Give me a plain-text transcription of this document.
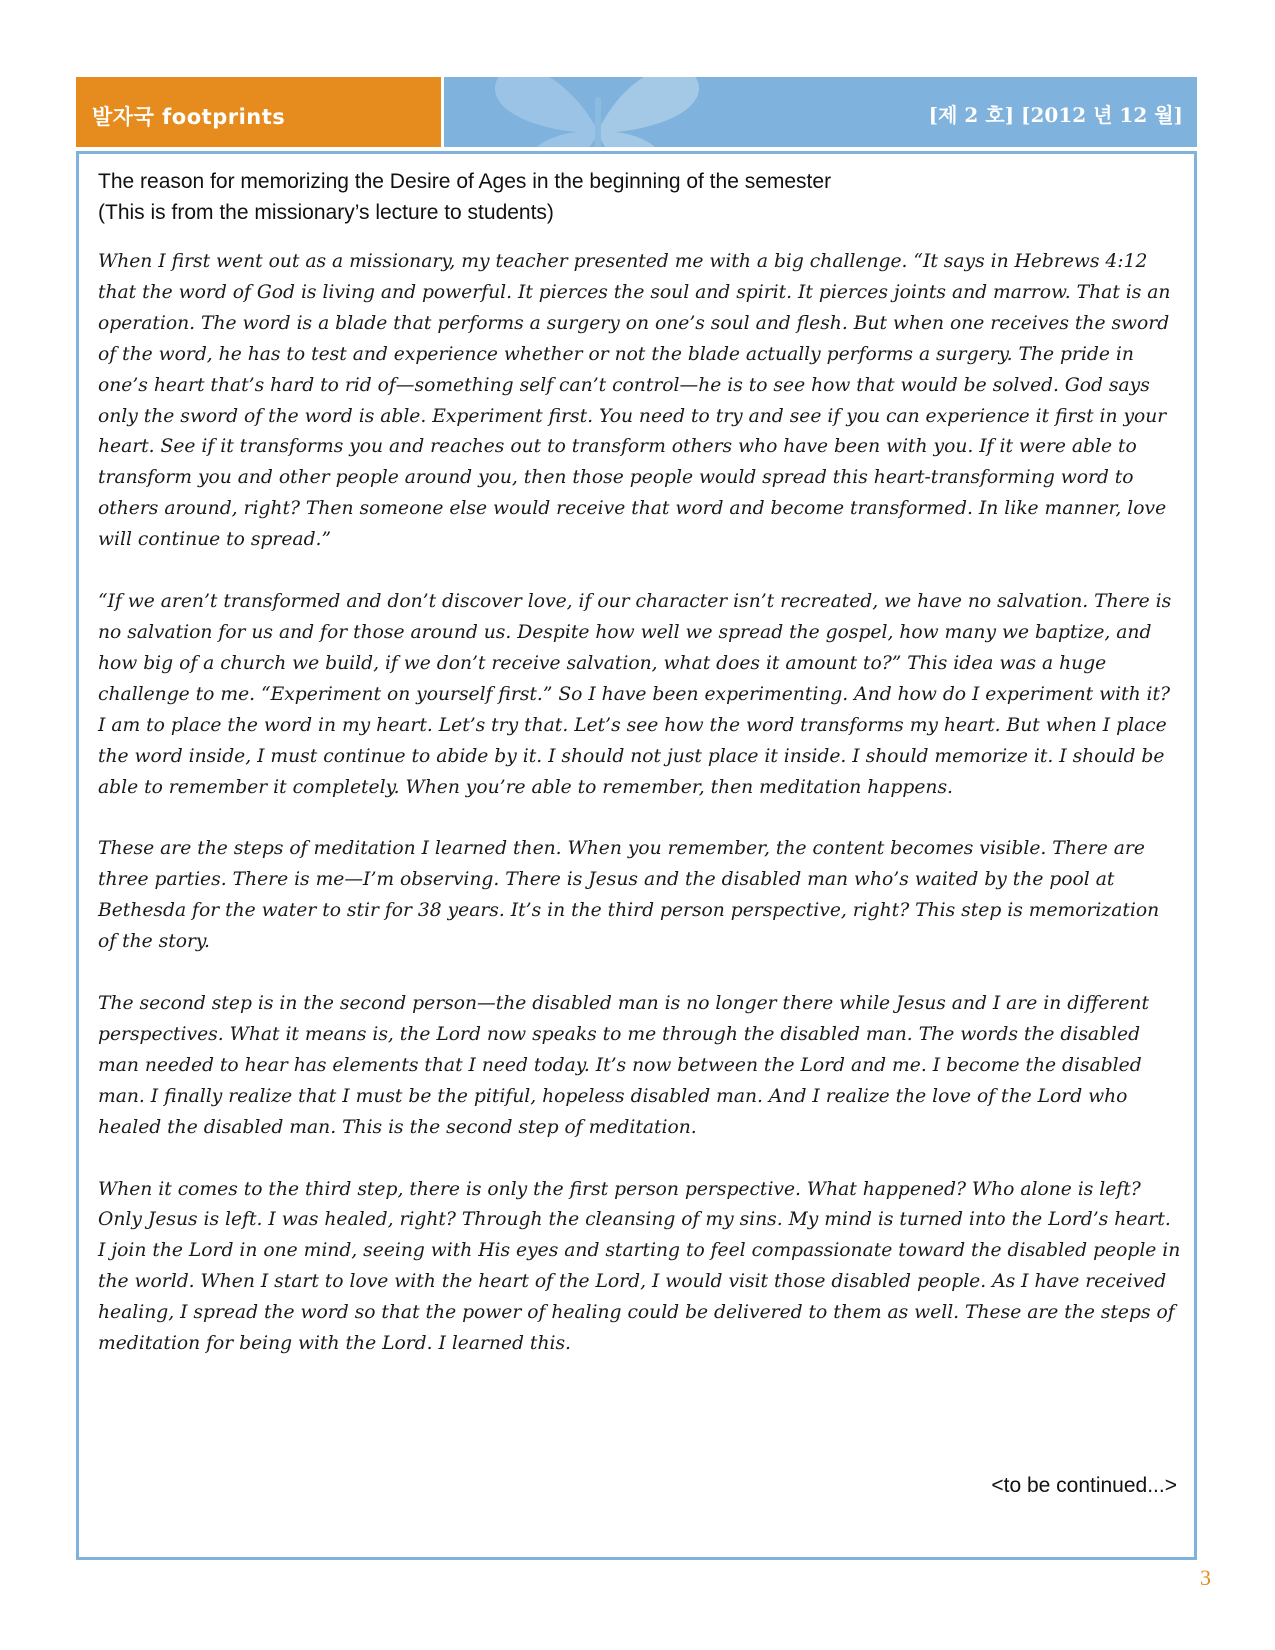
발자국 footprints	[제 2 호] [2012 년 12 월]
The reason for memorizing the Desire of Ages in the beginning of the semester
(This is from the missionary’s lecture to students)

When I first went out as a missionary, my teacher presented me with a big challenge. “It says in Hebrews 4:12 that the word of God is living and powerful. It pierces the soul and spirit. It pierces joints and marrow. That is an operation. The word is a blade that performs a surgery on one’s soul and flesh. But when one receives the sword of the word, he has to test and experience whether or not the blade actually performs a surgery. The pride in one’s heart that’s hard to rid of—something self can’t control—he is to see how that would be solved. God says only the sword of the word is able. Experiment first. You need to try and see if you can experience it first in your heart. See if it transforms you and reaches out to transform others who have been with you. If it were able to transform you and other people around you, then those people would spread this heart-transforming word to others around, right? Then someone else would receive that word and become transformed. In like manner, love will continue to spread.”

“If we aren’t transformed and don’t discover love, if our character isn’t recreated, we have no salvation. There is no salvation for us and for those around us. Despite how well we spread the gospel, how many we baptize, and how big of a church we build, if we don’t receive salvation, what does it amount to?” This idea was a huge challenge to me. “Experiment on yourself first.” So I have been experimenting. And how do I experiment with it? I am to place the word in my heart. Let’s try that. Let’s see how the word transforms my heart. But when I place the word inside, I must continue to abide by it. I should not just place it inside. I should memorize it. I should be able to remember it completely. When you’re able to remember, then meditation happens.

These are the steps of meditation I learned then. When you remember, the content becomes visible. There are three parties. There is me—I’m observing. There is Jesus and the disabled man who’s waited by the pool at Bethesda for the water to stir for 38 years. It’s in the third person perspective, right? This step is memorization of the story.

The second step is in the second person—the disabled man is no longer there while Jesus and I are in different perspectives. What it means is, the Lord now speaks to me through the disabled man. The words the disabled man needed to hear has elements that I need today. It’s now between the Lord and me. I become the disabled man. I finally realize that I must be the pitiful, hopeless disabled man. And I realize the love of the Lord who healed the disabled man. This is the second step of meditation.

When it comes to the third step, there is only the first person perspective. What happened? Who alone is left? Only Jesus is left. I was healed, right? Through the cleansing of my sins. My mind is turned into the Lord’s heart. I join the Lord in one mind, seeing with His eyes and starting to feel compassionate toward the disabled people in the world. When I start to love with the heart of the Lord, I would visit those disabled people. As I have received healing, I spread the word so that the power of healing could be delivered to them as well. These are the steps of meditation for being with the Lord. I learned this.

<to be continued...>
3
